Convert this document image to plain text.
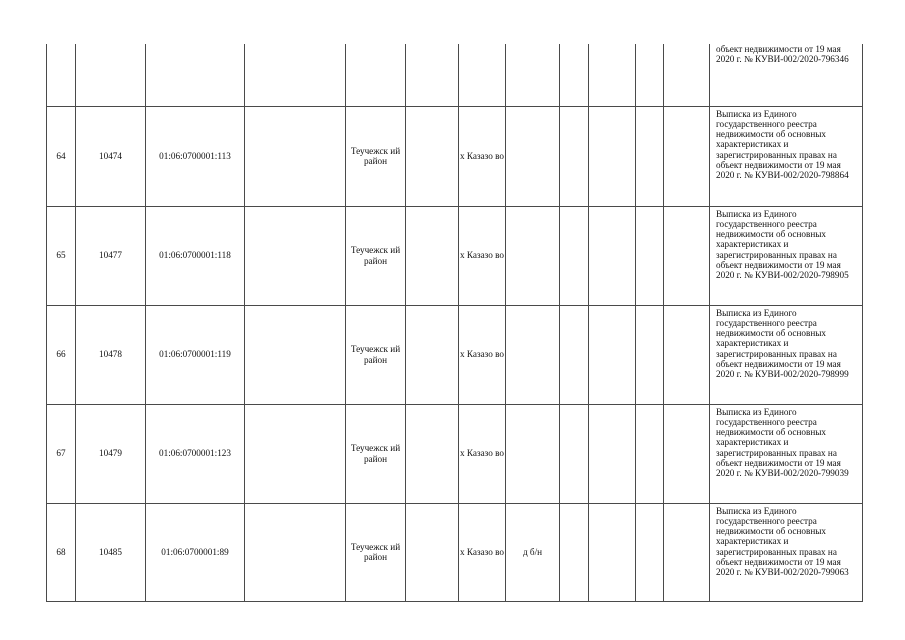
												объект недвижимости от 19 мая 2020 г. № КУВИ-002/2020-796346
64	10474	01:06:0700001:113		Теучежск ий район		х Казазо во						Выписка из Единого государственного реестра недвижимости об основных характеристиках и зарегистрированных правах на объект недвижимости от 19 мая 2020 г. № КУВИ-002/2020-798864
65	10477	01:06:0700001:118		Теучежск ий район		х Казазо во						Выписка из Единого государственного реестра недвижимости об основных характеристиках и зарегистрированных правах на объект недвижимости от 19 мая 2020 г. № КУВИ-002/2020-798905
66	10478	01:06:0700001:119		Теучежск ий район		х Казазо во						Выписка из Единого государственного реестра недвижимости об основных характеристиках и зарегистрированных правах на объект недвижимости от 19 мая 2020 г. № КУВИ-002/2020-798999
67	10479	01:06:0700001:123		Теучежск ий район		х Казазо во						Выписка из Единого государственного реестра недвижимости об основных характеристиках и зарегистрированных правах на объект недвижимости от 19 мая 2020 г. № КУВИ-002/2020-799039
68	10485	01:06:0700001:89		Теучежск ий район		х Казазо во	д б/н					Выписка из Единого государственного реестра недвижимости об основных характеристиках и зарегистрированных правах на объект недвижимости от 19 мая 2020 г. № КУВИ-002/2020-799063
